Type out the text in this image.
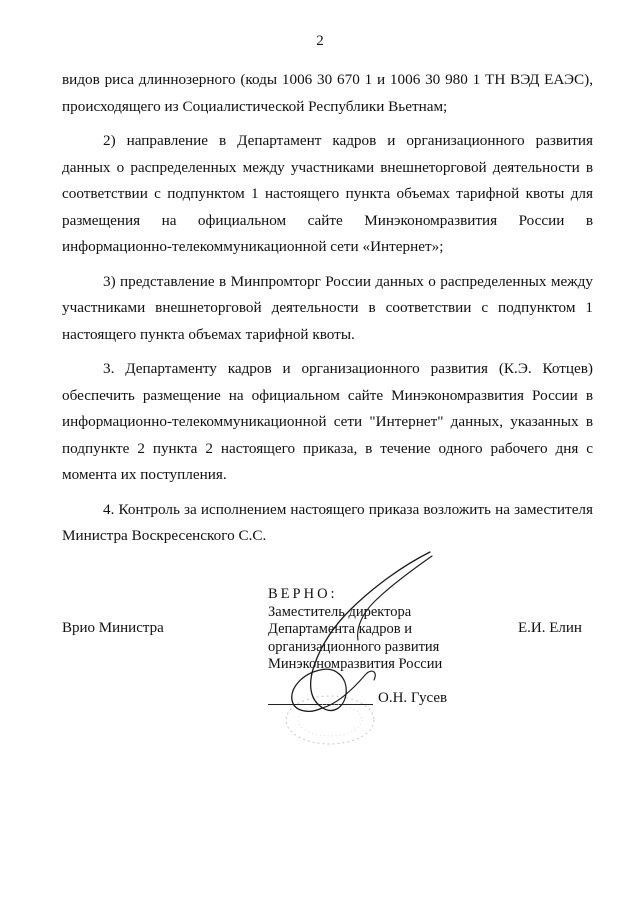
2

видов риса длиннозерного (коды 1006 30 670 1 и 1006 30 980 1 ТН ВЭД ЕАЭС), происходящего из Социалистической Республики Вьетнам;

2) направление в Департамент кадров и организационного развития данных о распределенных между участниками внешнеторговой деятельности в соответствии с подпунктом 1 настоящего пункта объемах тарифной квоты для размещения на официальном сайте Минэкономразвития России в информационно-телекоммуникационной сети «Интернет»;

3) представление в Минпромторг России данных о распределенных между участниками внешнеторговой деятельности в соответствии с подпунктом 1 настоящего пункта объемах тарифной квоты.

3. Департаменту кадров и организационного развития (К.Э. Котцев) обеспечить размещение на официальном сайте Минэкономразвития России в информационно-телекоммуникационной сети "Интернет" данных, указанных в подпункте 2 пункта 2 настоящего приказа, в течение одного рабочего дня с момента их поступления.

4. Контроль за исполнением настоящего приказа возложить на заместителя Министра Воскресенского С.С.

Врио Министра	Е.И. Елин
ВЕРНО:
Заместитель директора
Департамента кадров и
организационного развития
Минэкономразвития России
О.Н. Гусев
